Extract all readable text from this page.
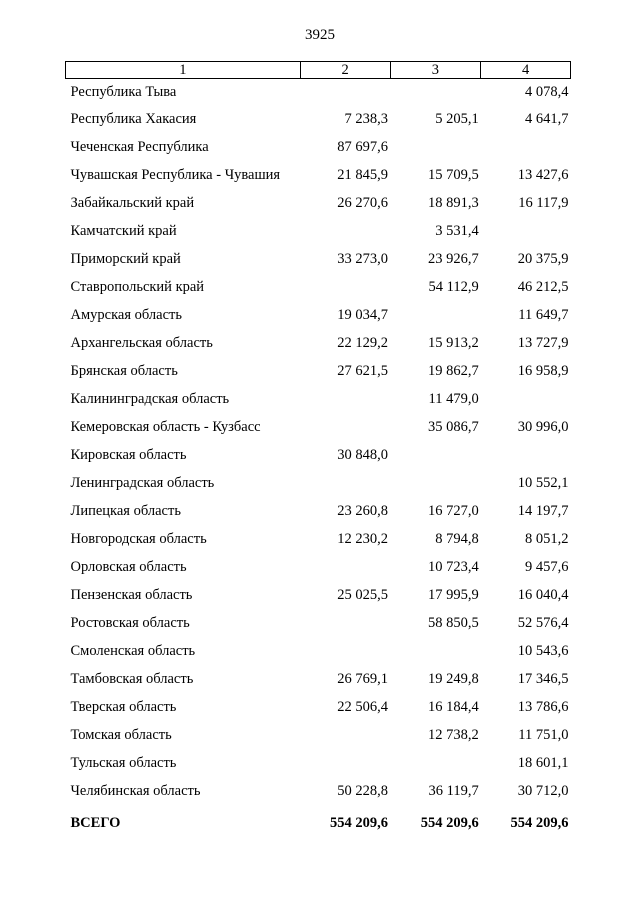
3925
1	2	3	4
Республика Тыва			4 078,4
Республика Хакасия	7 238,3	5 205,1	4 641,7
Чеченская Республика	87 697,6		
Чувашская Республика - Чувашия	21 845,9	15 709,5	13 427,6
Забайкальский край	26 270,6	18 891,3	16 117,9
Камчатский край		3 531,4	
Приморский край	33 273,0	23 926,7	20 375,9
Ставропольский край		54 112,9	46 212,5
Амурская область	19 034,7		11 649,7
Архангельская область	22 129,2	15 913,2	13 727,9
Брянская область	27 621,5	19 862,7	16 958,9
Калининградская область		11 479,0	
Кемеровская область - Кузбасс		35 086,7	30 996,0
Кировская область	30 848,0		
Ленинградская область			10 552,1
Липецкая область	23 260,8	16 727,0	14 197,7
Новгородская область	12 230,2	8 794,8	8 051,2
Орловская область		10 723,4	9 457,6
Пензенская область	25 025,5	17 995,9	16 040,4
Ростовская область		58 850,5	52 576,4
Смоленская область			10 543,6
Тамбовская область	26 769,1	19 249,8	17 346,5
Тверская область	22 506,4	16 184,4	13 786,6
Томская область		12 738,2	11 751,0
Тульская область			18 601,1
Челябинская область	50 228,8	36 119,7	30 712,0
ВСЕГО	554 209,6	554 209,6	554 209,6
